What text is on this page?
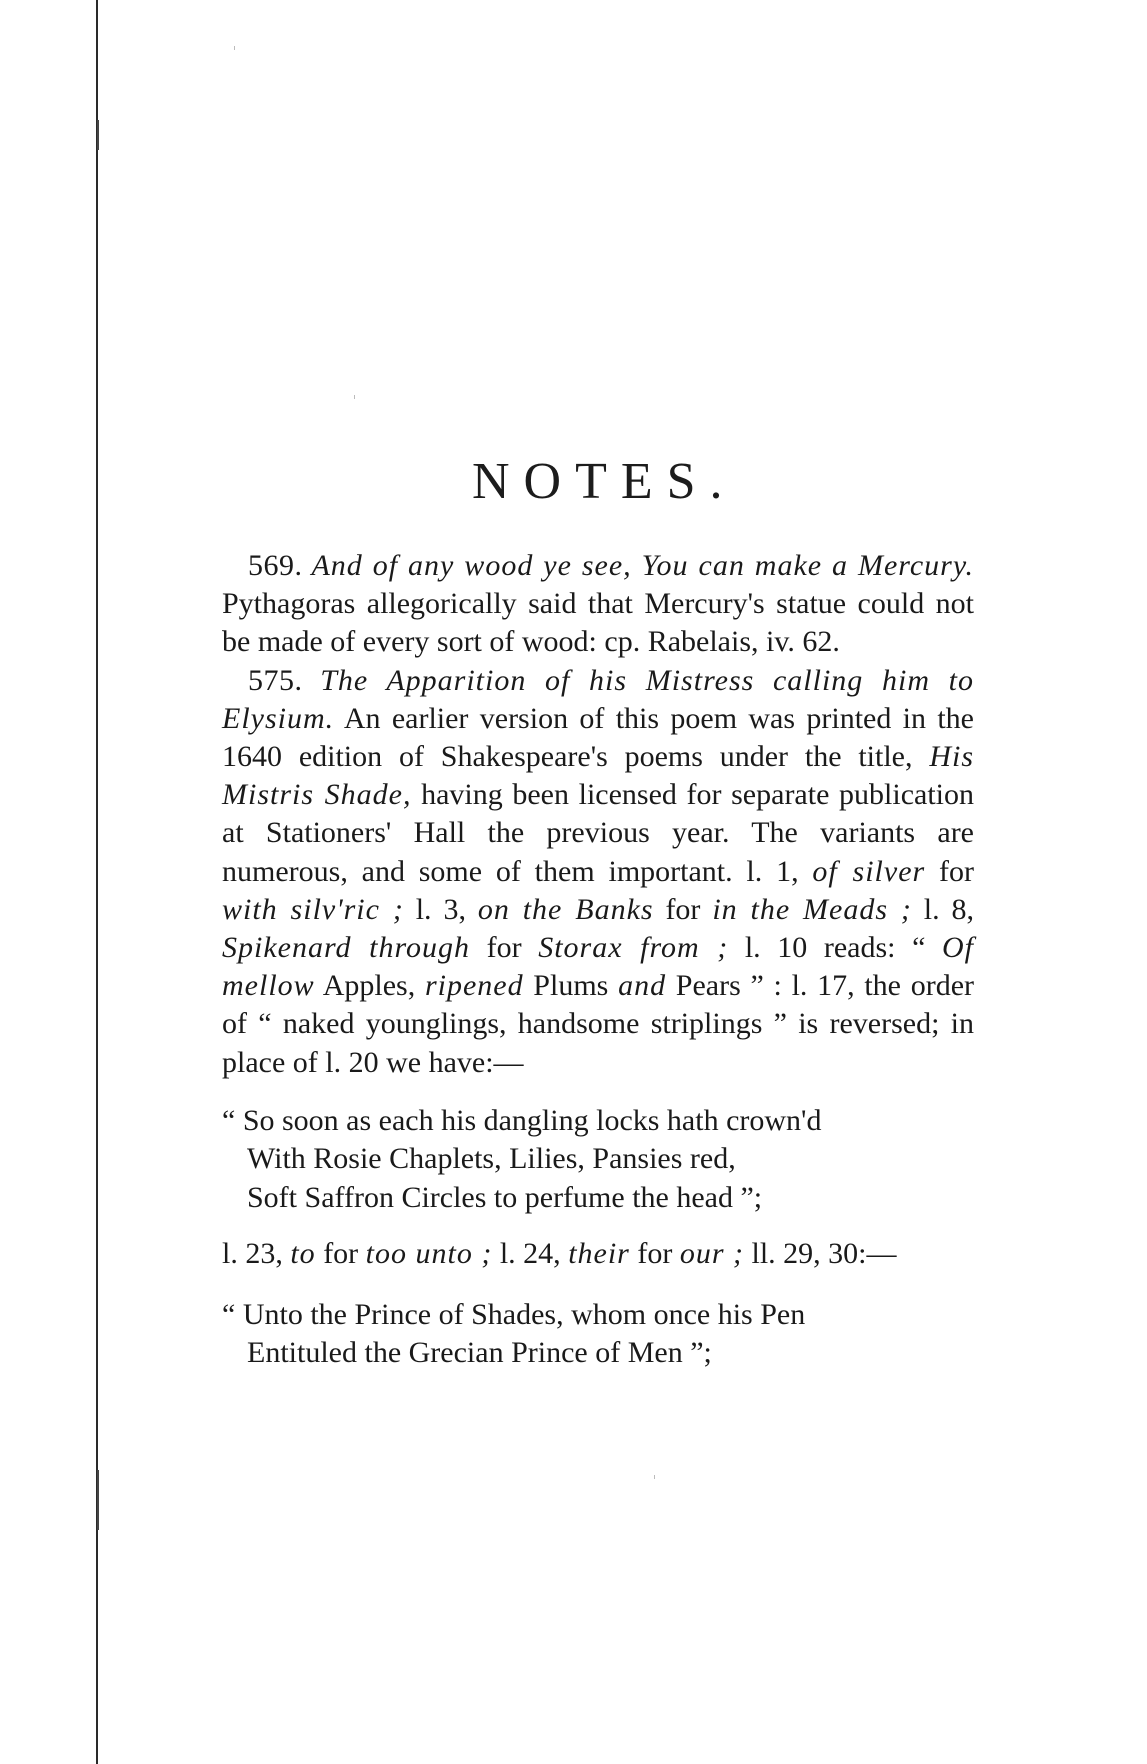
NOTES.

569. And of any wood ye see, You can make a Mercury. Pythagoras allegorically said that Mercury's statue could not be made of every sort of wood: cp. Rabelais, iv. 62.

575. The Apparition of his Mistress calling him to Elysium. An earlier version of this poem was printed in the 1640 edition of Shakespeare's poems under the title, His Mistris Shade, having been licensed for separate publication at Stationers' Hall the previous year. The variants are numerous, and some of them important. l. 1, of silver for with silv'ric ; l. 3, on the Banks for in the Meads ; l. 8, Spikenard through for Storax from ; l. 10 reads: “ Of mellow Apples, ripened Plums and Pears ” : l. 17, the order of “ naked younglings, handsome striplings ” is reversed; in place of l. 20 we have:—

“ So soon as each his dangling locks hath crown'd
With Rosie Chaplets, Lilies, Pansies red,
Soft Saffron Circles to perfume the head ”;
l. 23, to for too unto ; l. 24, their for our ; ll. 29, 30:—
“ Unto the Prince of Shades, whom once his Pen
Entituled the Grecian Prince of Men ”;
